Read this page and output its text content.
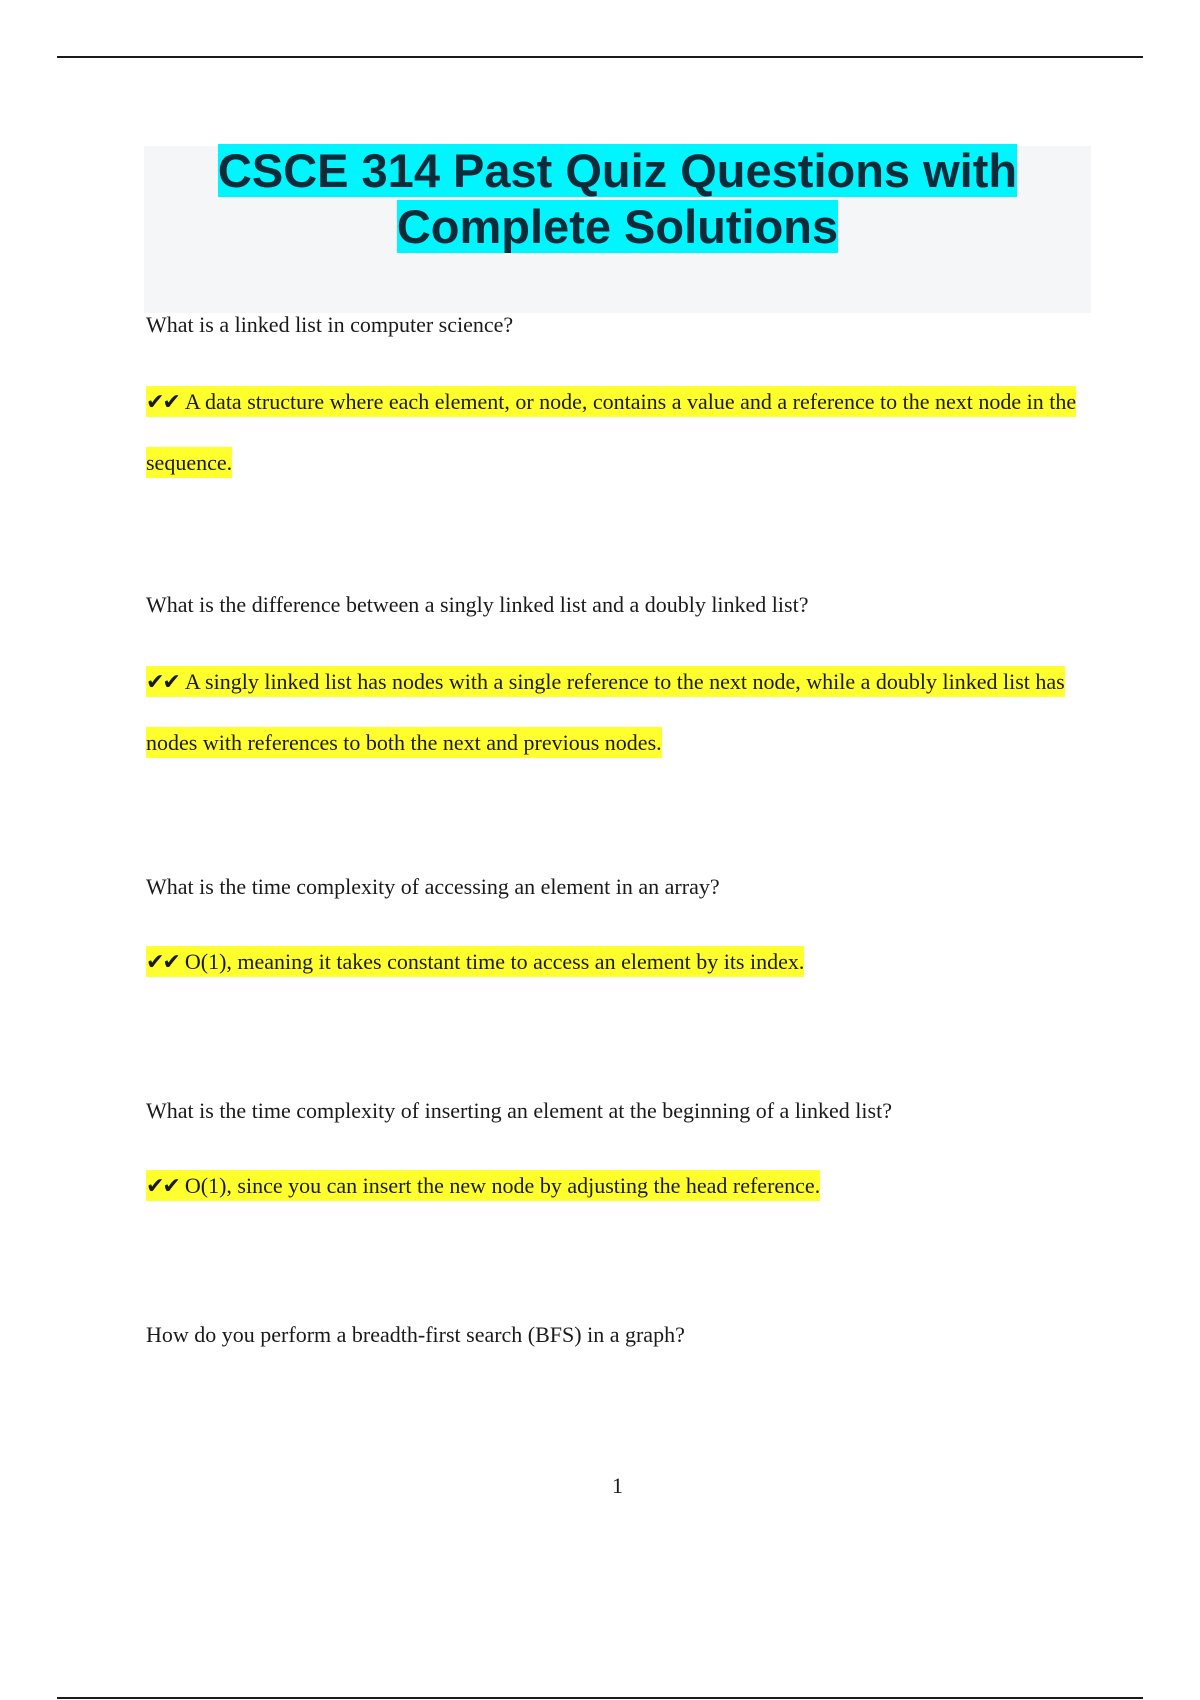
CSCE 314 Past Quiz Questions with
Complete Solutions

What is a linked list in computer science?

✔✔ A data structure where each element, or node, contains a value and a reference to the next node in the sequence.

What is the difference between a singly linked list and a doubly linked list?

✔✔ A singly linked list has nodes with a single reference to the next node, while a doubly linked list has nodes with references to both the next and previous nodes.

What is the time complexity of accessing an element in an array?

✔✔ O(1), meaning it takes constant time to access an element by its index.

What is the time complexity of inserting an element at the beginning of a linked list?

✔✔ O(1), since you can insert the new node by adjusting the head reference.

How do you perform a breadth-first search (BFS) in a graph?

1
